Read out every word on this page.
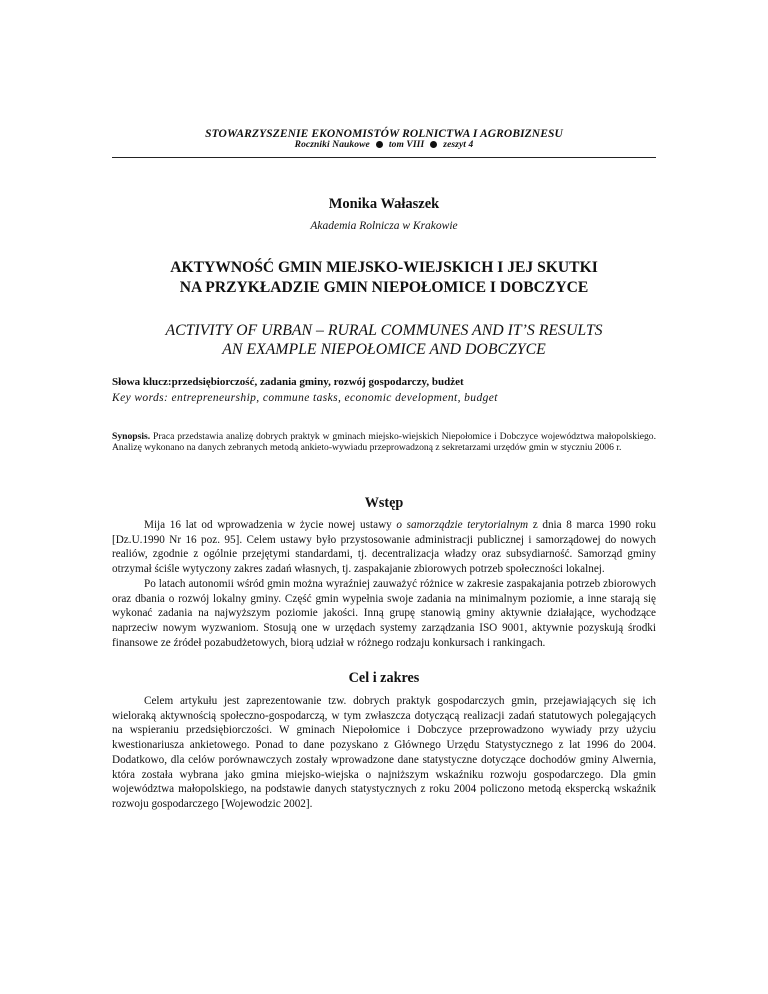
STOWARZYSZENIE EKONOMISTÓW ROLNICTWA I AGROBIZNESU
Roczniki Naukowe tom VIII zeszyt 4
Monika Wałaszek
Akademia Rolnicza w Krakowie
AKTYWNOŚĆ GMIN MIEJSKO-WIEJSKICH I JEJ SKUTKI
NA PRZYKŁADZIE GMIN NIEPOŁOMICE I DOBCZYCE
ACTIVITY OF URBAN – RURAL COMMUNES AND IT’S RESULTS
AN EXAMPLE NIEPOŁOMICE AND DOBCZYCE
Słowa klucz:przedsiębiorczość, zadania gminy, rozwój gospodarczy, budżet
Key words: entrepreneurship, commune tasks, economic development, budget
Synopsis. Praca przedstawia analizę dobrych praktyk w gminach miejsko-wiejskich Niepołomice i Dobczyce województwa małopolskiego. Analizę wykonano na danych zebranych metodą ankieto-wywiadu przeprowadzoną z sekretarzami urzędów gmin w styczniu 2006 r.
Wstęp

Mija 16 lat od wprowadzenia w życie nowej ustawy o samorządzie terytorialnym z dnia 8 marca 1990 roku [Dz.U.1990 Nr 16 poz. 95]. Celem ustawy było przystosowanie administracji publicznej i samorządowej do nowych realiów, zgodnie z ogólnie przejętymi standardami, tj. decentralizacja władzy oraz subsydiarność. Samorząd gminy otrzymał ściśle wytyczony zakres zadań własnych, tj. zaspakajanie zbiorowych potrzeb społeczności lokalnej.

Po latach autonomii wśród gmin można wyraźniej zauważyć różnice w zakresie zaspakajania potrzeb zbiorowych oraz dbania o rozwój lokalny gminy. Część gmin wypełnia swoje zadania na minimalnym poziomie, a inne starają się wykonać zadania na najwyższym poziomie jakości. Inną grupę stanowią gminy aktywnie działające, wychodzące naprzeciw nowym wyzwaniom. Stosują one w urzędach systemy zarządzania ISO 9001, aktywnie pozyskują środki finansowe ze źródeł pozabudżetowych, biorą udział w różnego rodzaju konkursach i rankingach.

Cel i zakres

Celem artykułu jest zaprezentowanie tzw. dobrych praktyk gospodarczych gmin, przejawiających się ich wieloraką aktywnością społeczno-gospodarczą, w tym zwłaszcza dotyczącą realizacji zadań statutowych polegających na wspieraniu przedsiębiorczości. W gminach Niepołomice i Dobczyce przeprowadzono wywiady przy użyciu kwestionariusza ankietowego. Ponad to dane pozyskano z Głównego Urzędu Statystycznego z lat 1996 do 2004. Dodatkowo, dla celów porównawczych zostały wprowadzone dane statystyczne dotyczące dochodów gminy Alwernia, która została wybrana jako gmina miejsko-wiejska o najniższym wskaźniku rozwoju gospodarczego. Dla gmin województwa małopolskiego, na podstawie danych statystycznych z roku 2004 policzono metodą ekspercką wskaźnik rozwoju gospodarczego [Wojewodzic 2002].
